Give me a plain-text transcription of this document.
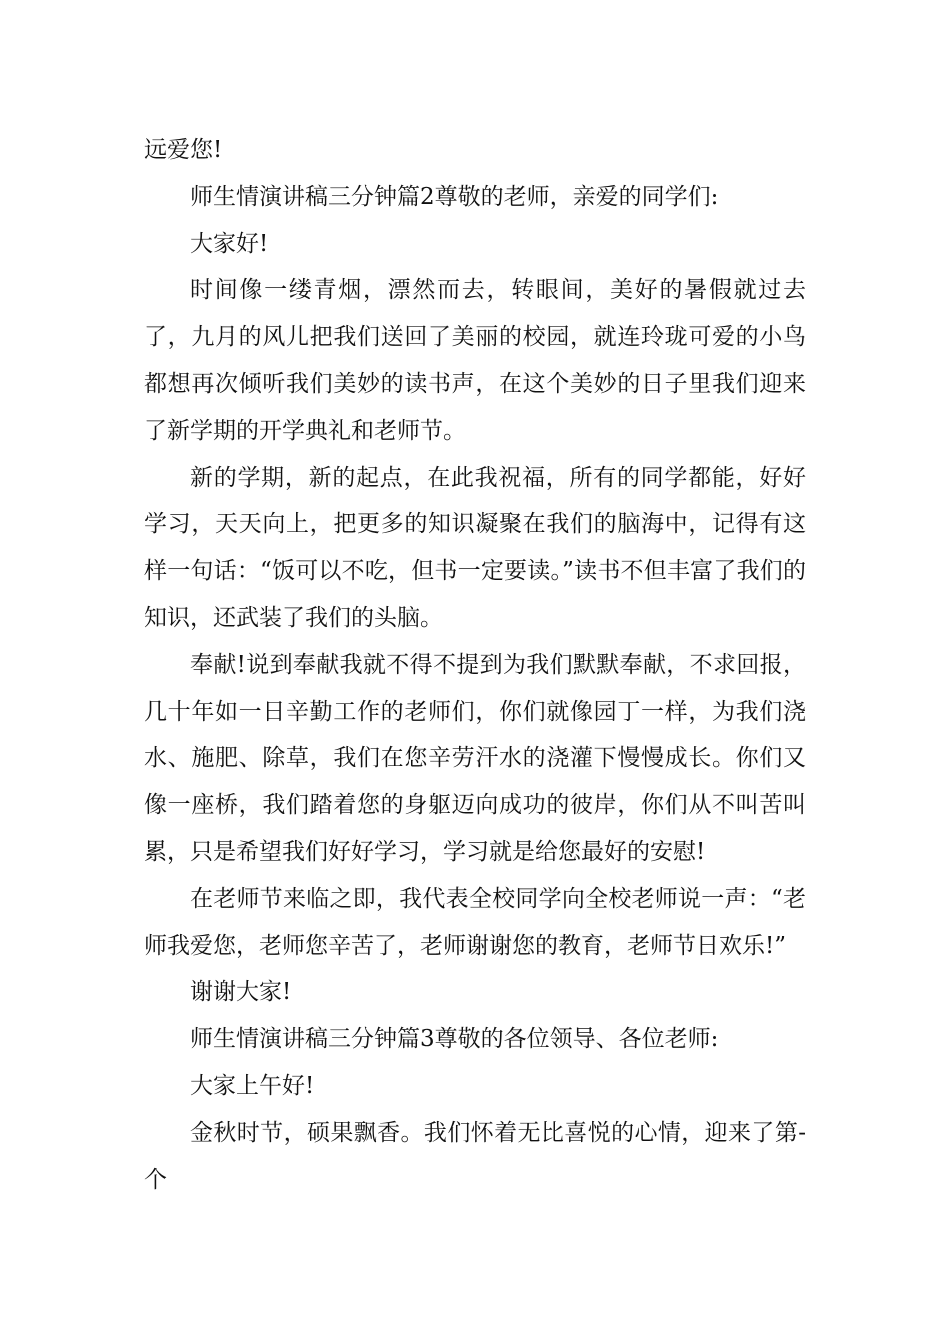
远爱您!

师生情演讲稿三分钟篇2尊敬的老师，亲爱的同学们:

大家好!

时间像一缕青烟，漂然而去，转眼间，美好的暑假就过去了，九月的风儿把我们送回了美丽的校园，就连玲珑可爱的小鸟都想再次倾听我们美妙的读书声，在这个美妙的日子里我们迎来了新学期的开学典礼和老师节。

新的学期，新的起点，在此我祝福，所有的同学都能，好好学习，天天向上，把更多的知识凝聚在我们的脑海中，记得有这样一句话：“饭可以不吃，但书一定要读。”读书不但丰富了我们的知识，还武装了我们的头脑。

奉献!说到奉献我就不得不提到为我们默默奉献，不求回报，几十年如一日辛勤工作的老师们，你们就像园丁一样，为我们浇水、施肥、除草，我们在您辛劳汗水的浇灌下慢慢成长。你们又像一座桥，我们踏着您的身躯迈向成功的彼岸，你们从不叫苦叫累，只是希望我们好好学习，学习就是给您最好的安慰!

在老师节来临之即，我代表全校同学向全校老师说一声：“老师我爱您，老师您辛苦了，老师谢谢您的教育，老师节日欢乐!”

谢谢大家!

师生情演讲稿三分钟篇3尊敬的各位领导、各位老师:

大家上午好!

金秋时节，硕果飘香。我们怀着无比喜悦的心情，迎来了第-个
